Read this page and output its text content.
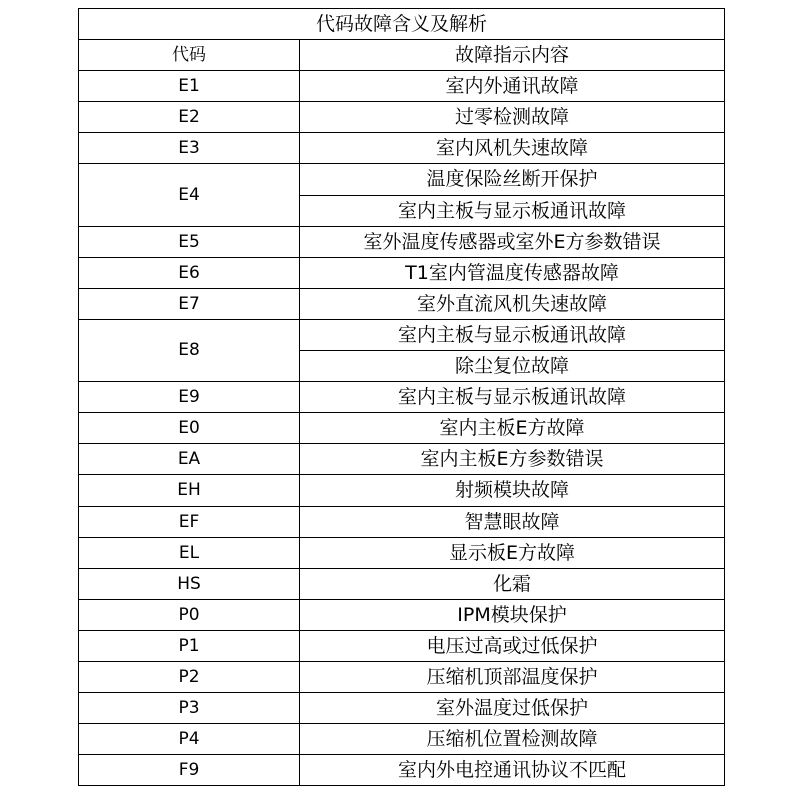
代码故障含义及解析	
代码	故障指示内容
E1	室内外通讯故障
E2	过零检测故障
E3	室内风机失速故障
E4	温度保险丝断开保护
	室内主板与显示板通讯故障
E5	室外温度传感器或室外E方参数错误
E6	T1室内管温度传感器故障
E7	室外直流风机失速故障
E8	室内主板与显示板通讯故障
	除尘复位故障
E9	室内主板与显示板通讯故障
E0	室内主板E方故障
EA	室内主板E方参数错误
EH	射频模块故障
EF	智慧眼故障
EL	显示板E方故障
HS	化霜
P0	IPM模块保护
P1	电压过高或过低保护
P2	压缩机顶部温度保护
P3	室外温度过低保护
P4	压缩机位置检测故障
F9	室内外电控通讯协议不匹配
